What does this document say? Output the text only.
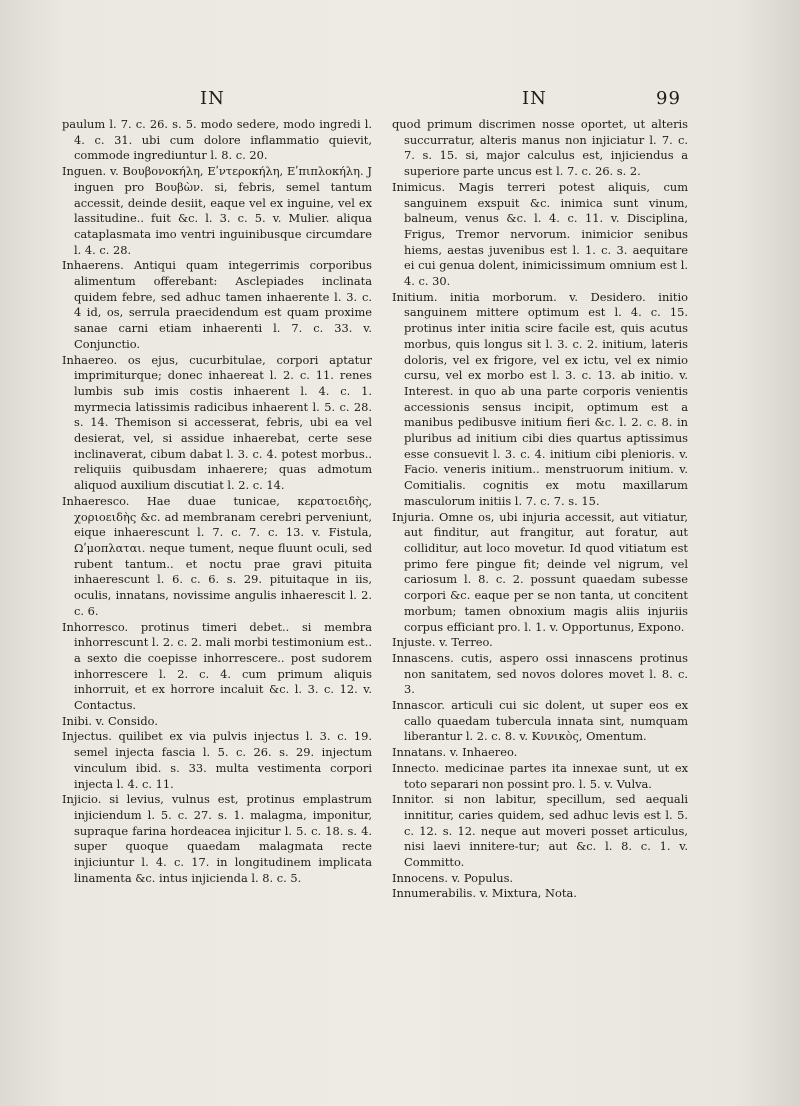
IN	IN	99

paulum l. 7. c. 26. s. 5. modo sedere, modo ingredi l. 4. c. 31. ubi cum dolore inflammatio quievit, commode ingrediuntur l. 8. c. 20.

Inguen. v. Βουβονοκήλη, Εʹντεροκήλη, Εʹπιπλοκήλη. J inguen pro Βουβὼν. si, febris, semel tantum accessit, deinde desiit, eaque vel ex inguine, vel ex lassitudine.. fuit &c. l. 3. c. 5. v. Mulier. aliqua cataplasmata imo ventri inguinibusque circumdare l. 4. c. 28.

Inhaerens. Antiqui quam integerrimis corporibus alimentum offerebant: Asclepiades inclinata quidem febre, sed adhuc tamen inhaerente l. 3. c. 4 id, os, serrula praecidendum est quam proxime sanae carni etiam inhaerenti l. 7. c. 33. v. Conjunctio.

Inhaereo. os ejus, cucurbitulae, corpori aptatur imprimiturque; donec inhaereat l. 2. c. 11. renes lumbis sub imis costis inhaerent l. 4. c. 1. myrmecia latissimis radicibus inhaerent l. 5. c. 28. s. 14. Themison si accesserat, febris, ubi ea vel desierat, vel, si assidue inhaerebat, certe sese inclinaverat, cibum dabat l. 3. c. 4. potest morbus.. reliquiis quibusdam inhaerere; quas admotum aliquod auxilium discutiat l. 2. c. 14.

Inhaeresco. Hae duae tunicae, κερατοειδὴς, χοριοειδὴς &c. ad membranam cerebri perveniunt, eique inhaerescunt l. 7. c. 7. c. 13. v. Fistula, Ωʹμοπλαται. neque tument, neque fluunt oculi, sed rubent tantum.. et noctu prae gravi pituita inhaerescunt l. 6. c. 6. s. 29. pituitaque in iis, oculis, innatans, novissime angulis inhaerescit l. 2. c. 6.

Inhorresco. protinus timeri debet.. si membra inhorrescunt l. 2. c. 2. mali morbi testimonium est.. a sexto die coepisse inhorrescere.. post sudorem inhorrescere l. 2. c. 4. cum primum aliquis inhorruit, et ex horrore incaluit &c. l. 3. c. 12. v. Contactus.

Inibi. v. Consido.

Injectus. quilibet ex via pulvis injectus l. 3. c. 19. semel injecta fascia l. 5. c. 26. s. 29. injectum vinculum ibid. s. 33. multa vestimenta corpori injecta l. 4. c. 11.

Injicio. si levius, vulnus est, protinus emplastrum injiciendum l. 5. c. 27. s. 1. malagma, imponitur, supraque farina hordeacea injicitur l. 5. c. 18. s. 4. super quoque quaedam malagmata recte injiciuntur l. 4. c. 17. in longitudinem implicata linamenta &c. intus injicienda l. 8. c. 5.

quod primum discrimen nosse oportet, ut alteris succurratur, alteris manus non injiciatur l. 7. c. 7. s. 15. si, major calculus est, injiciendus a superiore parte uncus est l. 7. c. 26. s. 2.

Inimicus. Magis terreri potest aliquis, cum sanguinem exspuit &c. inimica sunt vinum, balneum, venus &c. l. 4. c. 11. v. Disciplina, Frigus, Tremor nervorum. inimicior senibus hiems, aestas juvenibus est l. 1. c. 3. aequitare ei cui genua dolent, inimicissimum omnium est l. 4. c. 30.

Initium. initia morborum. v. Desidero. initio sanguinem mittere optimum est l. 4. c. 15. protinus inter initia scire facile est, quis acutus morbus, quis longus sit l. 3. c. 2. initium, lateris doloris, vel ex frigore, vel ex ictu, vel ex nimio cursu, vel ex morbo est l. 3. c. 13. ab initio. v. Interest. in quo ab una parte corporis venientis accessionis sensus incipit, optimum est a manibus pedibusve initium fieri &c. l. 2. c. 8. in pluribus ad initium cibi dies quartus aptissimus esse consuevit l. 3. c. 4. initium cibi plenioris. v. Facio. veneris initium.. menstruorum initium. v. Comitialis. cognitis ex motu maxillarum masculorum initiis l. 7. c. 7. s. 15.

Injuria. Omne os, ubi injuria accessit, aut vitiatur, aut finditur, aut frangitur, aut foratur, aut colliditur, aut loco movetur. Id quod vitiatum est primo fere pingue fit; deinde vel nigrum, vel cariosum l. 8. c. 2. possunt quaedam subesse corpori &c. eaque per se non tanta, ut concitent morbum; tamen obnoxium magis aliis injuriis corpus efficiant pro. l. 1. v. Opportunus, Expono.

Injuste. v. Terreo.

Innascens. cutis, aspero ossi innascens protinus non sanitatem, sed novos dolores movet l. 8. c. 3.

Innascor. articuli cui sic dolent, ut super eos ex callo quaedam tubercula innata sint, numquam liberantur l. 2. c. 8. v. Κυνικὸς, Omentum.

Innatans. v. Inhaereo.

Innecto. medicinae partes ita innexae sunt, ut ex toto separari non possint pro. l. 5. v. Vulva.

Innitor. si non labitur, specillum, sed aequali innititur, caries quidem, sed adhuc levis est l. 5. c. 12. s. 12. neque aut moveri posset articulus, nisi laevi innitere-tur; aut &c. l. 8. c. 1. v. Committo.

Innocens. v. Populus.

Innumerabilis. v. Mixtura, Nota.
